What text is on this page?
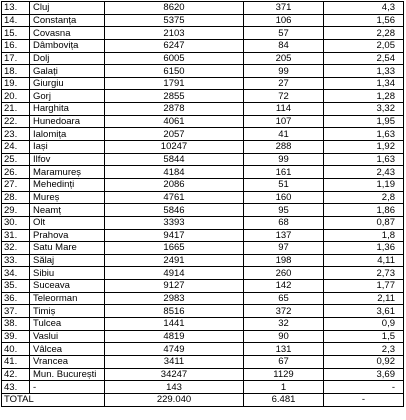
13.	Cluj	8620	371	4,3
14.	Constanța	5375	106	1,56
15.	Covasna	2103	57	2,28
16.	Dâmbovița	6247	84	2,05
17.	Dolj	6005	205	2,54
18.	Galați	6150	99	1,33
19.	Giurgiu	1791	27	1,34
20.	Gorj	2855	72	1,28
21.	Harghita	2878	114	3,32
22.	Hunedoara	4061	107	1,95
23.	Ialomița	2057	41	1,63
24.	Iași	10247	288	1,92
25.	Ilfov	5844	99	1,63
26.	Maramureș	4184	161	2,43
27.	Mehedinți	2086	51	1,19
28.	Mureș	4761	160	2,8
29.	Neamț	5846	95	1,86
30.	Olt	3393	68	0,87
31.	Prahova	9417	137	1,8
32.	Satu Mare	1665	97	1,36
33.	Sălaj	2491	198	4,11
34.	Sibiu	4914	260	2,73
35.	Suceava	9127	142	1,77
36.	Teleorman	2983	65	2,11
37.	Timiș	8516	372	3,61
38.	Tulcea	1441	32	0,9
39.	Vaslui	4819	90	1,5
40.	Vâlcea	4749	131	2,3
41.	Vrancea	3411	67	0,92
42.	Mun. București	34247	1129	3,69
43.	-	143	1	-
TOTAL		229.040	6.481	-
